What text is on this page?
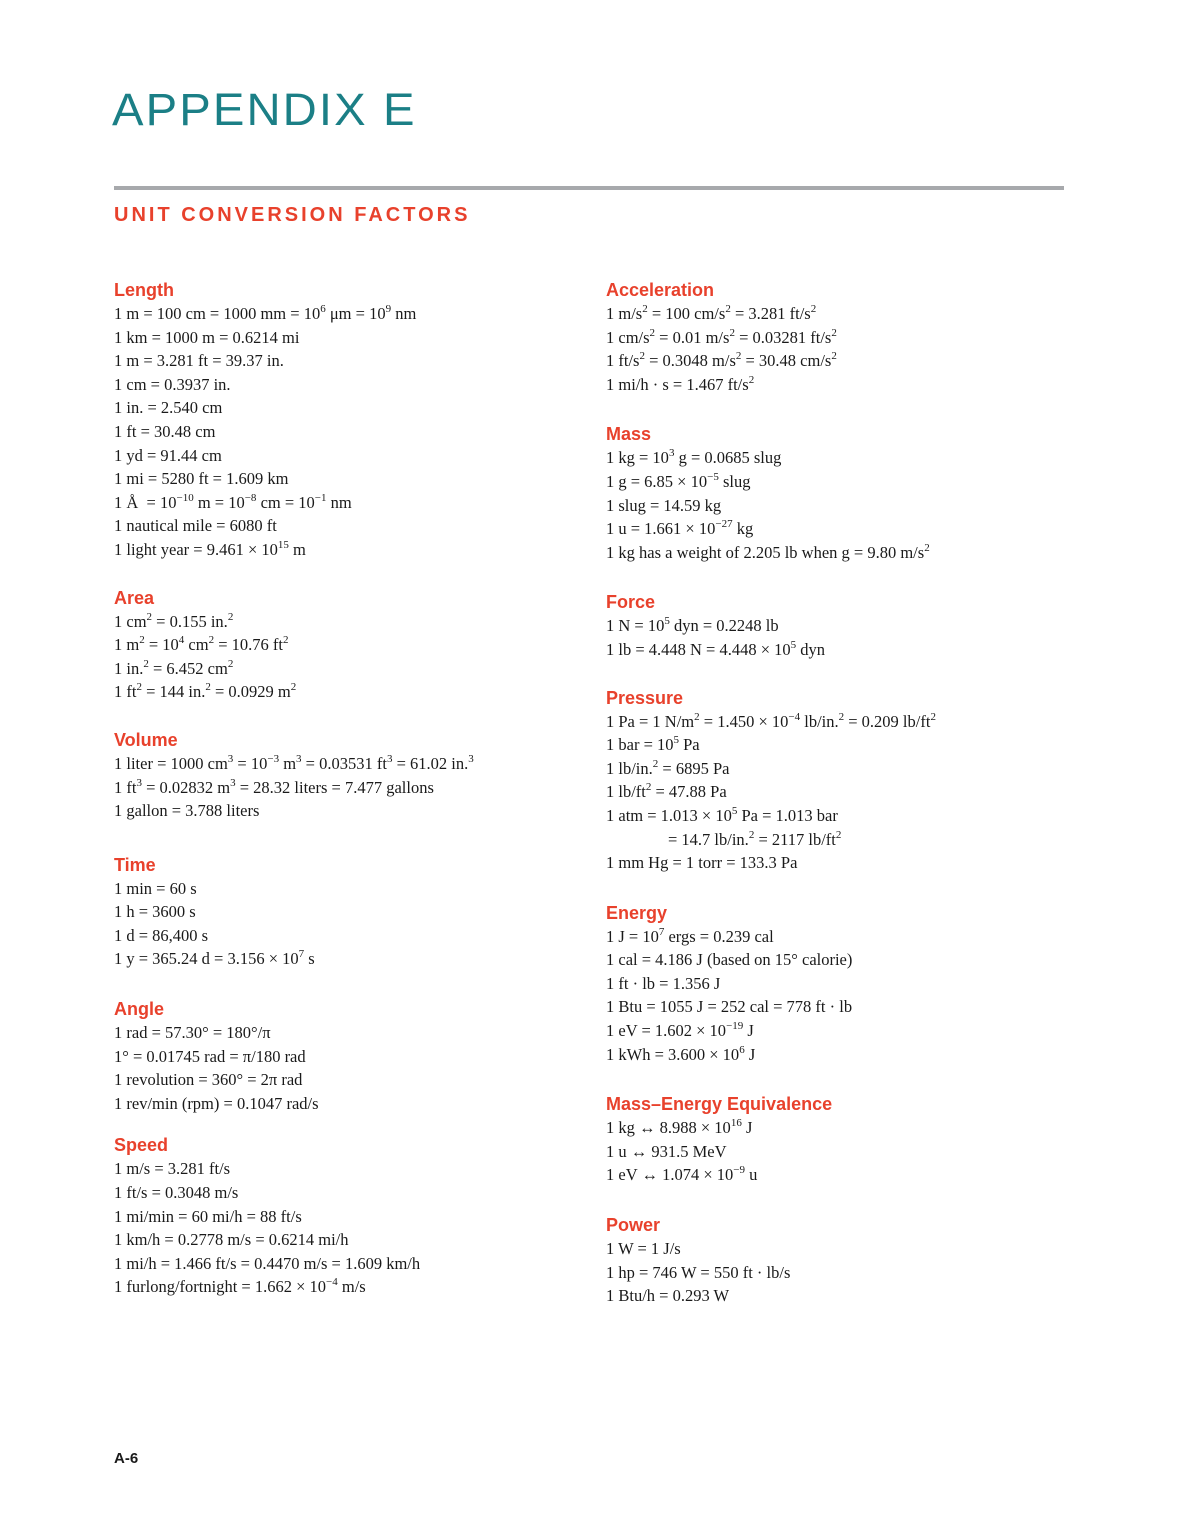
APPENDIX E
UNIT CONVERSION FACTORS
Length
1 m = 100 cm = 1000 mm = $10^6$ $\mu m = 10^9$ nm
1 km = 1000 m = 0.6214 mi
1 m = 3.281 ft = 39.37 in.
1 cm = 0.3937 in.
1 in. = 2.540 cm
1 ft = 30.48 cm
1 yd = 91.44 cm
1 mi = 5280 ft = 1.609 km
1 Å  = $10^{-10}$ $m = 10^{-8}$ cm = $10^{-1}$ nm
1 nautical mile = 6080 ft
1 light year = $9.461 \times 10^{15}$ m
Area
1 $cm^2 = 0.155$ in.$^2$
1 $m^2 = 10^4$ $cm^2 = 10.76$ $ft^2$
1 in.$^2$ = 6.452 $cm^2$
1 $ft^2 = 144$ in.$^2$ = 0.0929 $m^2$
Volume
1 liter = 1000 $cm^3 = 10^{-3}$ $m^3 = 0.03531$ $ft^3 = 61.02$ in.$^3$
1 $ft^3 = 0.02832$ $m^3 = 28.32$ liters = 7.477 gallons
1 gallon = 3.788 liters
Time
1 min = 60 s
1 h = 3600 s
1 d = 86,400 s
1 y = 365.24 $d = 3.156 \times 10^7$ s
Angle
1 rad = 57.30° = 180°/π
1° = 0.01745 rad = π/180 rad
1 revolution = 360° = 2π rad
1 rev/min (rpm) = 0.1047 rad/s
Speed
1 m/s = 3.281 ft/s
1 ft/s = 0.3048 m/s
1 mi/min = 60 mi/h = 88 ft/s
1 km/h = 0.2778 m/s = 0.6214 mi/h
1 mi/h = 1.466 ft/s = 0.4470 m/s = 1.609 km/h
1 furlong/fortnight = $1.662 \times 10^{-4}$ m/s
Acceleration
1 $m/s^2 = 100$ $cm/s^2 = 3.281$ $ft/s^2$
1 $cm/s^2 = 0.01$ $m/s^2 = 0.03281$ $ft/s^2$
1 $ft/s^2 = 0.3048$ $m/s^2 = 30.48$ $cm/s^2$
1 mi/h · s = 1.467 $ft/s^2$
Mass
1 kg = $10^3$ g = 0.0685 slug
1 $g = 6.85 \times 10^{-5}$ slug
1 slug = 14.59 kg
1 $u = 1.661 \times 10^{-27}$ kg
1 kg has a weight of 2.205 lb when g = 9.80 $m/s^2$
Force
1 $N = 10^5$ dyn = 0.2248 lb
1 lb = 4.448 $N = 4.448 \times 10^5$ dyn
Pressure
1 Pa = 1 $N/m^2 = 1.450 \times 10^{-4}$ lb/in.$^2$ = 0.209 $lb/ft^2$
1 bar = $10^5$ Pa
1 lb/in.$^2$ = 6895 Pa
1 $lb/ft^2 = 47.88$ Pa
1 atm = $1.013 \times 10^5$ Pa = 1.013 bar
= 14.7 lb/in.$^2$ = 2117 $lb/ft^2$
1 mm Hg = 1 torr = 133.3 Pa
Energy
1 $J = 10^7$ ergs = 0.239 cal
1 cal = 4.186 J (based on 15° calorie)
1 ft · lb = 1.356 J
1 Btu = 1055 J = 252 cal = 778 ft · lb
1 eV = $1.602 \times 10^{-19}$ J
1 kWh = $3.600 \times 10^6$ J
Mass–Energy Equivalence
1 kg ↔ $8.988 \times 10^{16}$ J
1 u ↔ 931.5 MeV
1 eV ↔ $1.074 \times 10^{-9}$ u
Power
1 W = 1 J/s
1 hp = 746 W = 550 ft · lb/s
1 Btu/h = 0.293 W
A-6
